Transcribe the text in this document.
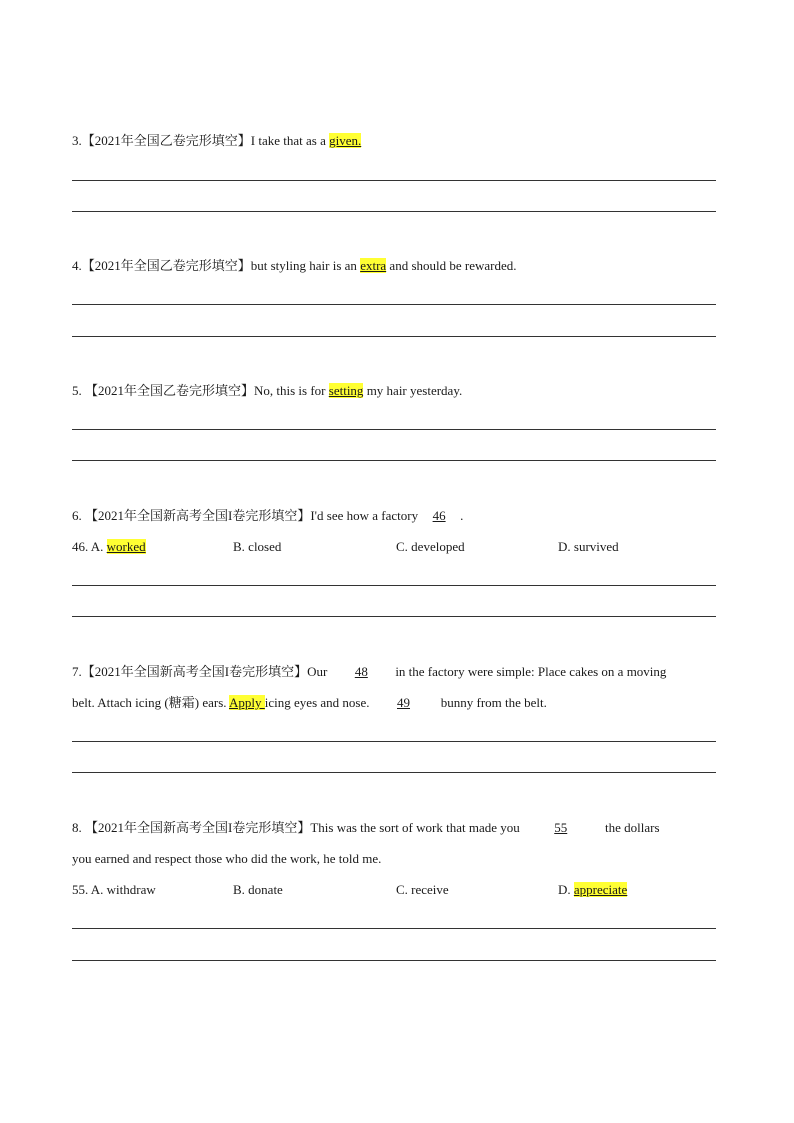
3.【2021年全国乙卷完形填空】I take that as a given.
4.【2021年全国乙卷完形填空】but styling hair is an extra and should be rewarded.
5. 【2021年全国乙卷完形填空】No, this is for setting my hair yesterday.
6. 【2021年全国新高考全国I卷完形填空】I'd see how a factory 46 .
46. A. worked	B. closed	C. developed	D. survived
7.【2021年全国新高考全国I卷完形填空】Our 48 in the factory were simple: Place cakes on a moving
belt. Attach icing (糖霜) ears. Apply icing eyes and nose. 49 bunny from the belt.
8. 【2021年全国新高考全国I卷完形填空】This was the sort of work that made you	55	the dollars
you earned and respect those who did the work, he told me.
55. A. withdraw	B. donate	C. receive	D. appreciate
